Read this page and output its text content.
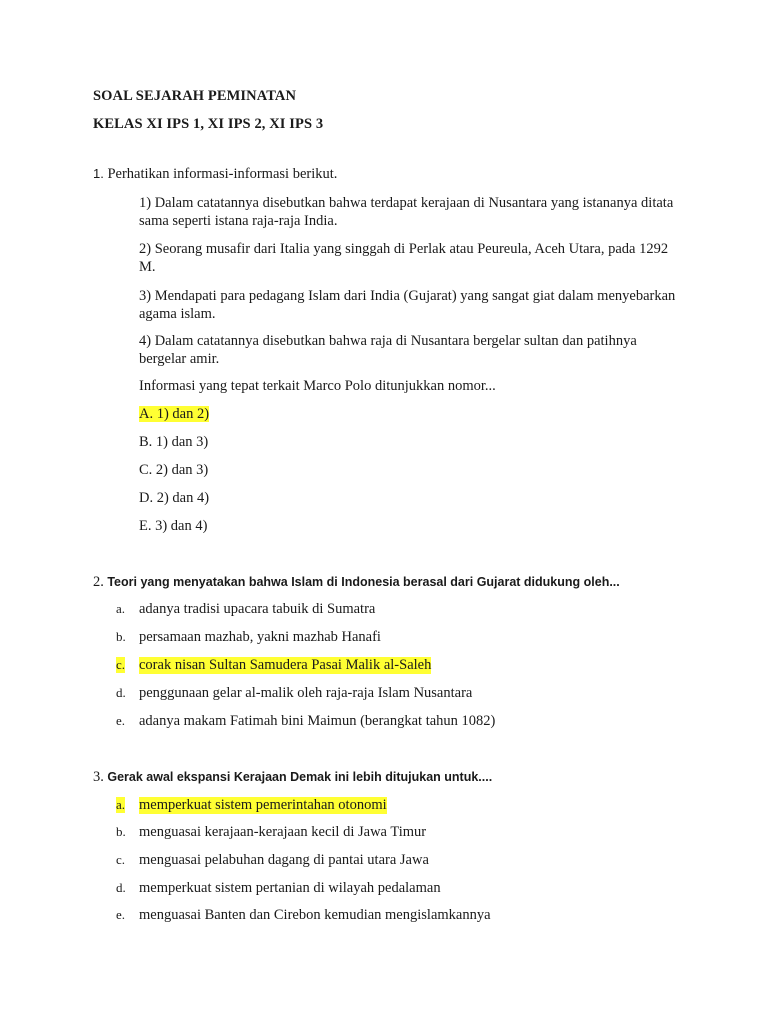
SOAL SEJARAH PEMINATAN
KELAS XI IPS 1, XI IPS 2, XI IPS 3
1. Perhatikan informasi-informasi berikut.
1) Dalam catatannya disebutkan bahwa terdapat kerajaan di Nusantara yang istananya ditata sama seperti istana raja-raja India.
2) Seorang musafir dari Italia yang singgah di Perlak atau Peureula, Aceh Utara, pada 1292 M.
3) Mendapati para pedagang Islam dari India (Gujarat) yang sangat giat dalam menyebarkan agama islam.
4) Dalam catatannya disebutkan bahwa raja di Nusantara bergelar sultan dan patihnya bergelar amir.
Informasi yang tepat terkait Marco Polo ditunjukkan nomor...
A. 1) dan 2)
B. 1) dan 3)
C. 2) dan 3)
D. 2) dan 4)
E. 3) dan 4)
2. Teori yang menyatakan bahwa Islam di Indonesia berasal dari Gujarat didukung oleh...
a. adanya tradisi upacara tabuik di Sumatra
b. persamaan mazhab, yakni mazhab Hanafi
c. corak nisan Sultan Samudera Pasai Malik al-Saleh
d. penggunaan gelar al-malik oleh raja-raja Islam Nusantara
e. adanya makam Fatimah bini Maimun (berangkat tahun 1082)
3. Gerak awal ekspansi Kerajaan Demak ini lebih ditujukan untuk....
a. memperkuat sistem pemerintahan otonomi
b. menguasai kerajaan-kerajaan kecil di Jawa Timur
c. menguasai pelabuhan dagang di pantai utara Jawa
d. memperkuat sistem pertanian di wilayah pedalaman
e. menguasai Banten dan Cirebon kemudian mengislamkannya
